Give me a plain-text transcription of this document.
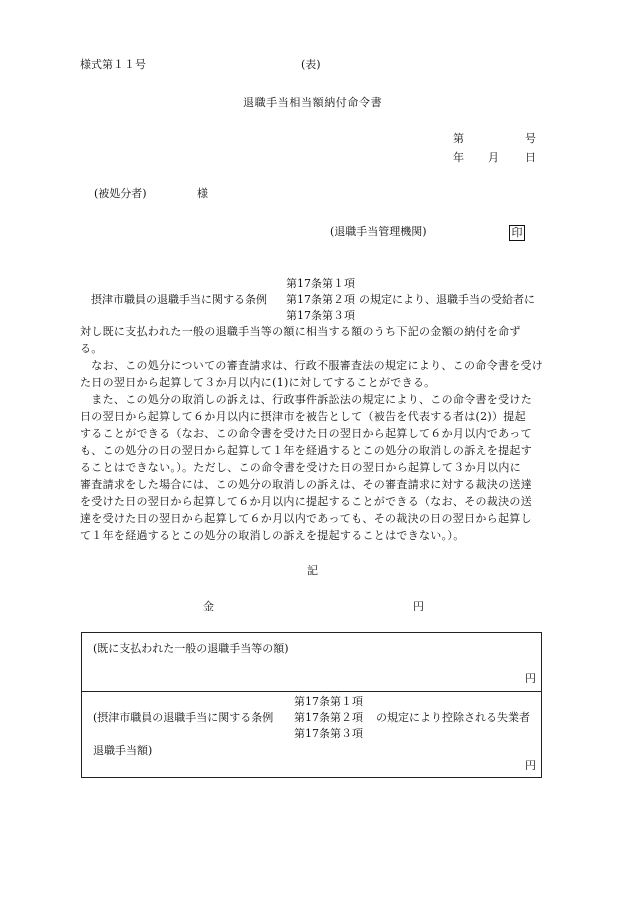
様式第１１号	(表)
退職手当相当額納付命令書
第	号
年 月 日
(被処分者)	様
(退職手当管理機関)	印
第17条第１項
摂津市職員の退職手当に関する条例 第17条第２項 の規定により、退職手当の受給者に
第17条第３項
対し既に支払われた一般の退職手当等の額に相当する額のうち下記の金額の納付を命ず
る。
　なお、この処分についての審査請求は、行政不服審査法の規定により、この命令書を受け
た日の翌日から起算して３か月以内に(1)に対してすることができる。
　また、この処分の取消しの訴えは、行政事件訴訟法の規定により、この命令書を受けた
日の翌日から起算して６か月以内に摂津市を被告として（被告を代表する者は(2)）提起
することができる（なお、この命令書を受けた日の翌日から起算して６か月以内であって
も、この処分の日の翌日から起算して１年を経過するとこの処分の取消しの訴えを提起す
ることはできない。）。ただし、この命令書を受けた日の翌日から起算して３か月以内に
審査請求をした場合には、この処分の取消しの訴えは、その審査請求に対する裁決の送達
を受けた日の翌日から起算して６か月以内に提起することができる（なお、その裁決の送
達を受けた日の翌日から起算して６か月以内であっても、その裁決の日の翌日から起算し
て１年を経過するとこの処分の取消しの訴えを提起することはできない。）。
記
金	円
(既に支払われた一般の退職手当等の額)
円
第17条第１項
(摂津市職員の退職手当に関する条例 第17条第２項 の規定により控除される失業者
第17条第３項
退職手当額)
円
